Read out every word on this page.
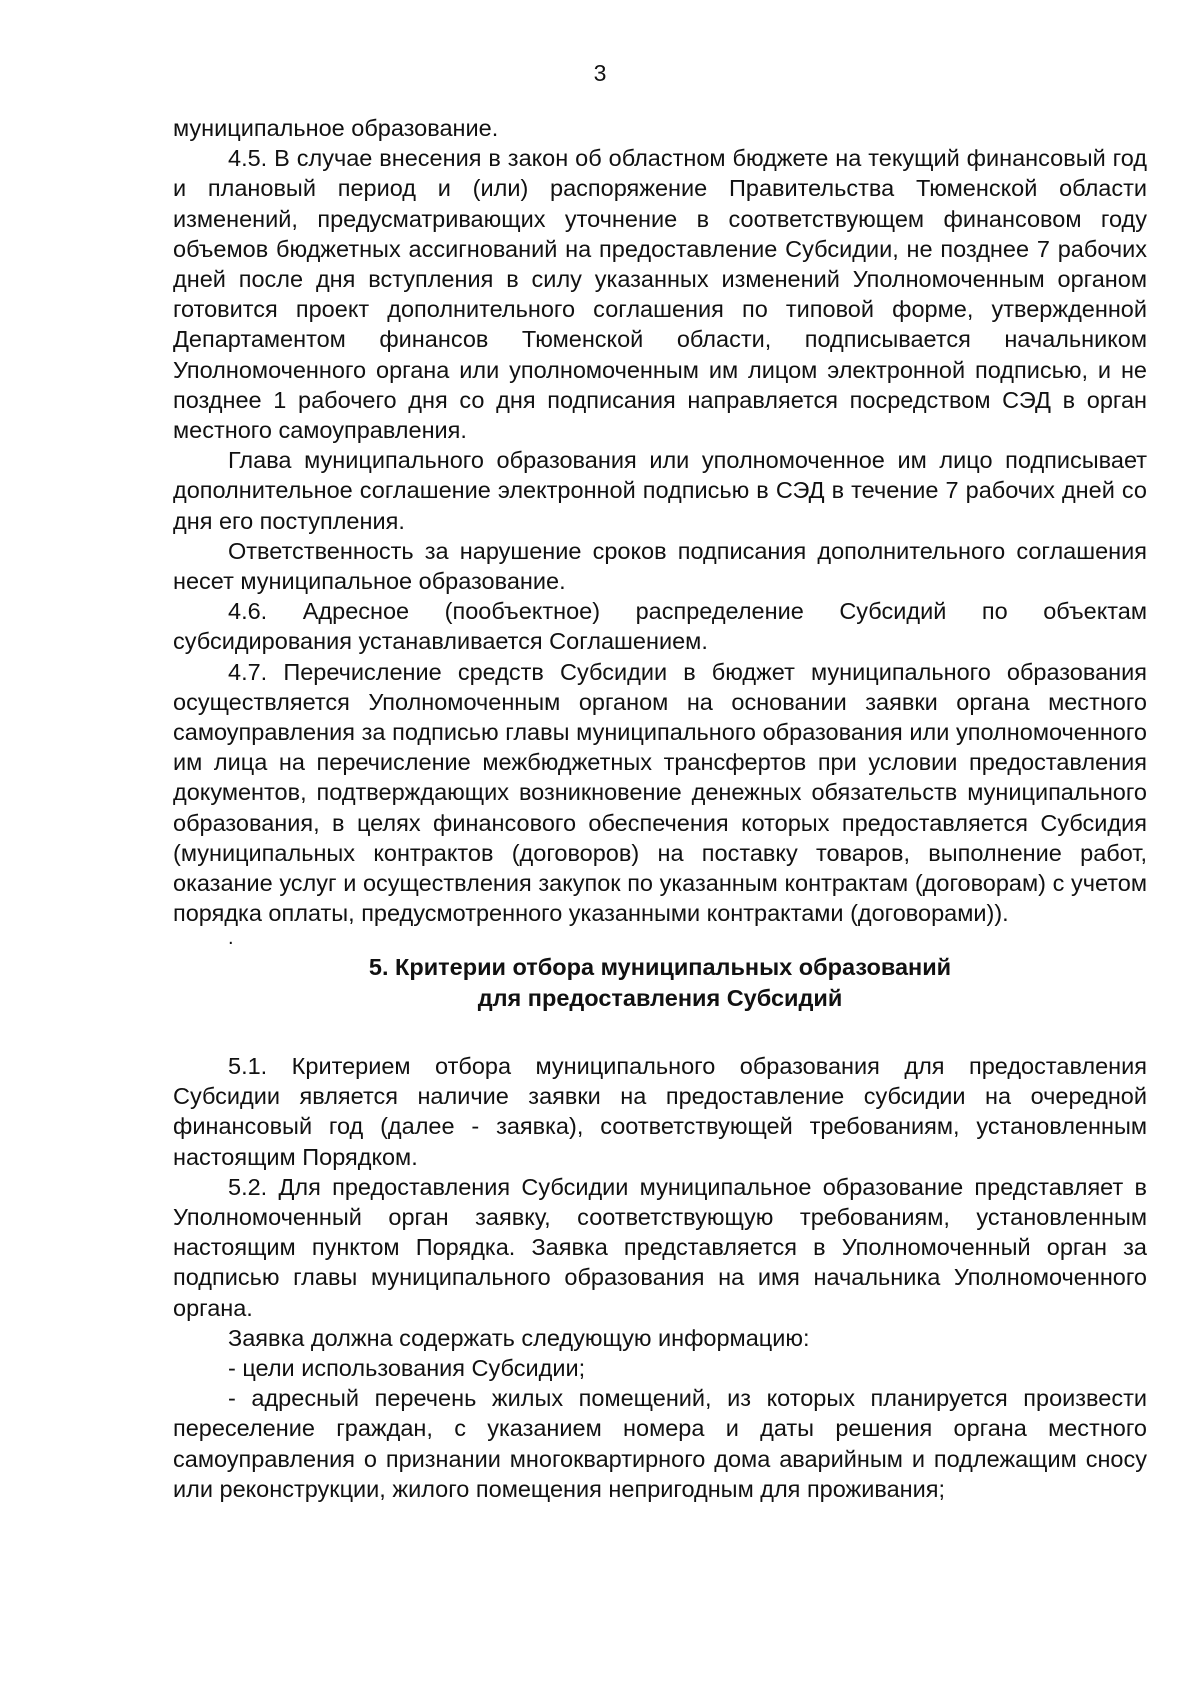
3

муниципальное образование.

4.5. В случае внесения в закон об областном бюджете на текущий финансовый год и плановый период и (или) распоряжение Правительства Тюменской области изменений, предусматривающих уточнение в соответствующем финансовом году объемов бюджетных ассигнований на предоставление Субсидии, не позднее 7 рабочих дней после дня вступления в силу указанных изменений Уполномоченным органом готовится проект дополнительного соглашения по типовой форме, утвержденной Департаментом финансов Тюменской области, подписывается начальником Уполномоченного органа или уполномоченным им лицом электронной подписью, и не позднее 1 рабочего дня со дня подписания направляется посредством СЭД в орган местного самоуправления.

Глава муниципального образования или уполномоченное им лицо подписывает дополнительное соглашение электронной подписью в СЭД в течение 7 рабочих дней со дня его поступления.

Ответственность за нарушение сроков подписания дополнительного соглашения несет муниципальное образование.

4.6. Адресное (пообъектное) распределение Субсидий по объектам субсидирования устанавливается Соглашением.

4.7. Перечисление средств Субсидии в бюджет муниципального образования осуществляется Уполномоченным органом на основании заявки органа местного самоуправления за подписью главы муниципального образования или уполномоченного им лица на перечисление межбюджетных трансфертов при условии предоставления документов, подтверждающих возникновение денежных обязательств муниципального образования, в целях финансового обеспечения которых предоставляется Субсидия (муниципальных контрактов (договоров) на поставку товаров, выполнение работ, оказание услуг и осуществления закупок по указанным контрактам (договорам) с учетом порядка оплаты, предусмотренного указанными контрактами (договорами)).

.
5. Критерии отбора муниципальных образований
для предоставления Субсидий

5.1. Критерием отбора муниципального образования для предоставления Субсидии является наличие заявки на предоставление субсидии на очередной финансовый год (далее - заявка), соответствующей требованиям, установленным настоящим Порядком.

5.2. Для предоставления Субсидии муниципальное образование представляет в Уполномоченный орган заявку, соответствующую требованиям, установленным настоящим пунктом Порядка. Заявка представляется в Уполномоченный орган за подписью главы муниципального образования на имя начальника Уполномоченного органа.

Заявка должна содержать следующую информацию:

- цели использования Субсидии;

- адресный перечень жилых помещений, из которых планируется произвести переселение граждан, с указанием номера и даты решения органа местного самоуправления о признании многоквартирного дома аварийным и подлежащим сносу или реконструкции, жилого помещения непригодным для проживания;
